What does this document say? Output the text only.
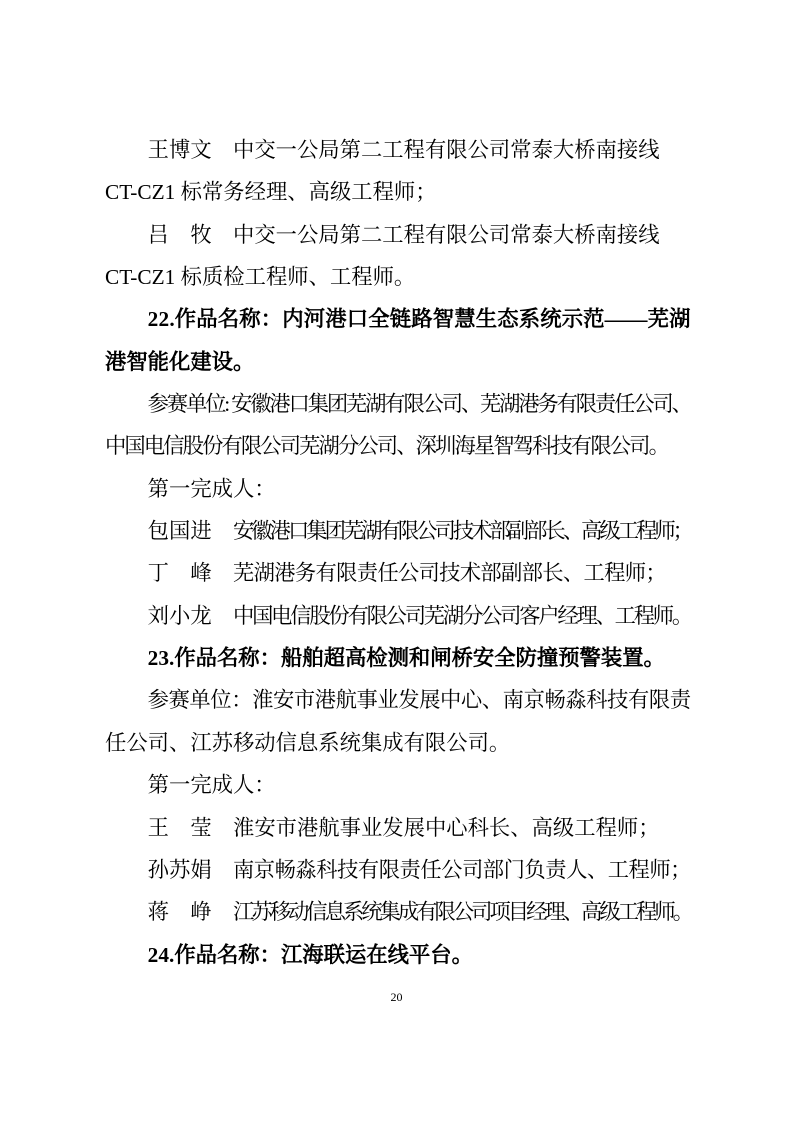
王博文 中交一公局第二工程有限公司常泰大桥南接线
CT-CZ1 标常务经理、高级工程师；
吕　牧 中交一公局第二工程有限公司常泰大桥南接线
CT-CZ1 标质检工程师、工程师。
22.作品名称：内河港口全链路智慧生态系统示范——芜湖
港智能化建设。
参赛单位: 安徽港口集团芜湖有限公司、芜湖港务有限责任公司、
中国电信股份有限公司芜湖分公司、深圳海星智驾科技有限公司。
第一完成人：
包国进 安徽港口集团芜湖有限公司技术部副部长、高级工程师；
丁　峰 芜湖港务有限责任公司技术部副部长、工程师；
刘小龙 中国电信股份有限公司芜湖分公司客户经理、工程师。
23.作品名称：船舶超高检测和闸桥安全防撞预警装置。
参赛单位：淮安市港航事业发展中心、南京畅淼科技有限责
任公司、江苏移动信息系统集成有限公司。
第一完成人：
王　莹 淮安市港航事业发展中心科长、高级工程师；
孙苏娟 南京畅淼科技有限责任公司部门负责人、工程师；
蒋　峥 江苏移动信息系统集成有限公司项目经理、高级工程师。
24.作品名称：江海联运在线平台。
20
